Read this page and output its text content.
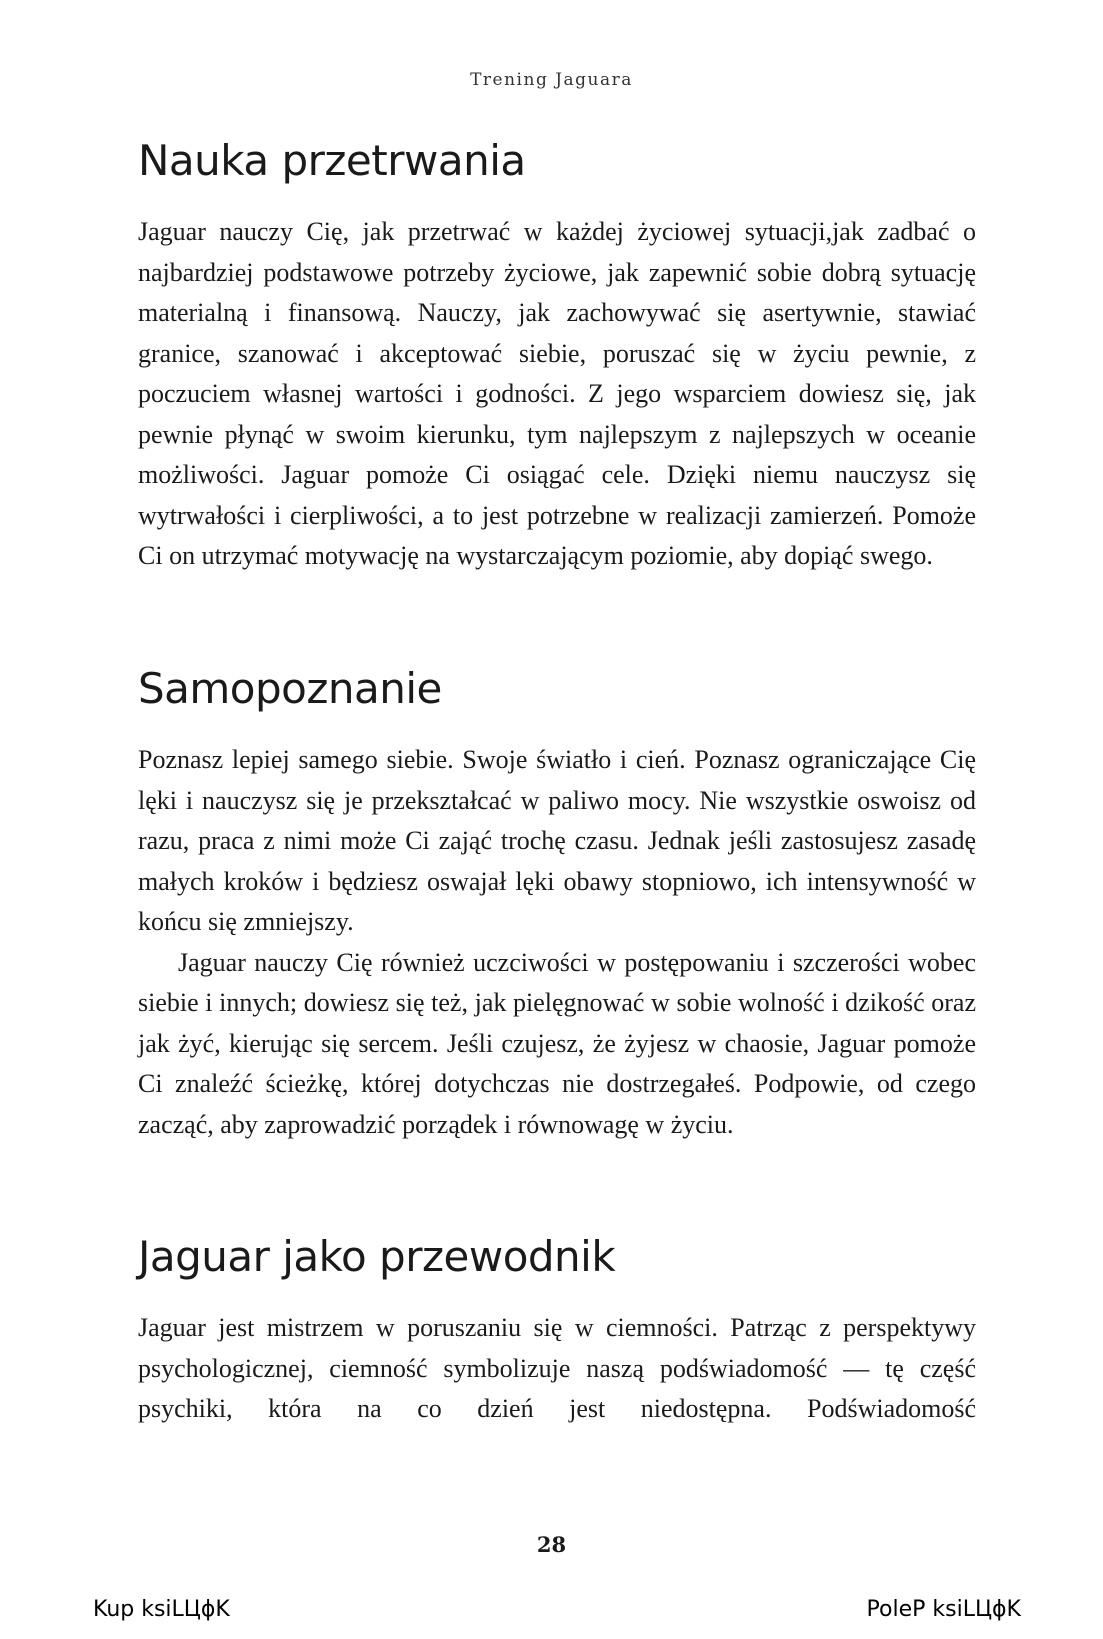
Trening Jaguara
Nauka przetrwania

Jaguar nauczy Cię, jak przetrwać w każdej życiowej sytuacji,jak zadbać o najbardziej podstawowe potrzeby życiowe, jak zapewnić sobie dobrą sytuację materialną i finansową. Nauczy, jak zachowywać się asertywnie, stawiać granice, szanować i akceptować siebie, poruszać się w życiu pewnie, z poczuciem własnej wartości i godności. Z jego wsparciem dowiesz się, jak pewnie płynąć w swoim kierunku, tym najlepszym z najlepszych w oceanie możliwości. Jaguar pomoże Ci osiągać cele. Dzięki niemu nauczysz się wytrwałości i cierpliwości, a to jest potrzebne w realizacji zamierzeń. Pomoże Ci on utrzymać motywację na wystarczającym poziomie, aby dopiąć swego.

Samopoznanie

Poznasz lepiej samego siebie. Swoje światło i cień. Poznasz ograniczające Cię lęki i nauczysz się je przekształcać w paliwo mocy. Nie wszystkie oswoisz od razu, praca z nimi może Ci zająć trochę czasu. Jednak jeśli zastosujesz zasadę małych kroków i będziesz oswajał lęki obawy stopniowo, ich intensywność w końcu się zmniejszy.

Jaguar nauczy Cię również uczciwości w postępowaniu i szczerości wobec siebie i innych; dowiesz się też, jak pielęgnować w sobie wolność i dzikość oraz jak żyć, kierując się sercem. Jeśli czujesz, że żyjesz w chaosie, Jaguar pomoże Ci znaleźć ścieżkę, której dotychczas nie dostrzegałeś. Podpowie, od czego zacząć, aby zaprowadzić porządek i równowagę w życiu.

Jaguar jako przewodnik

Jaguar jest mistrzem w poruszaniu się w ciemności. Patrząc z perspektywy psychologicznej, ciemność symbolizuje naszą podświadomość — tę część psychiki, która na co dzień jest niedostępna. Podświadomość

28
Kup ksiLЦϕK	PoleP ksiLЦϕK
